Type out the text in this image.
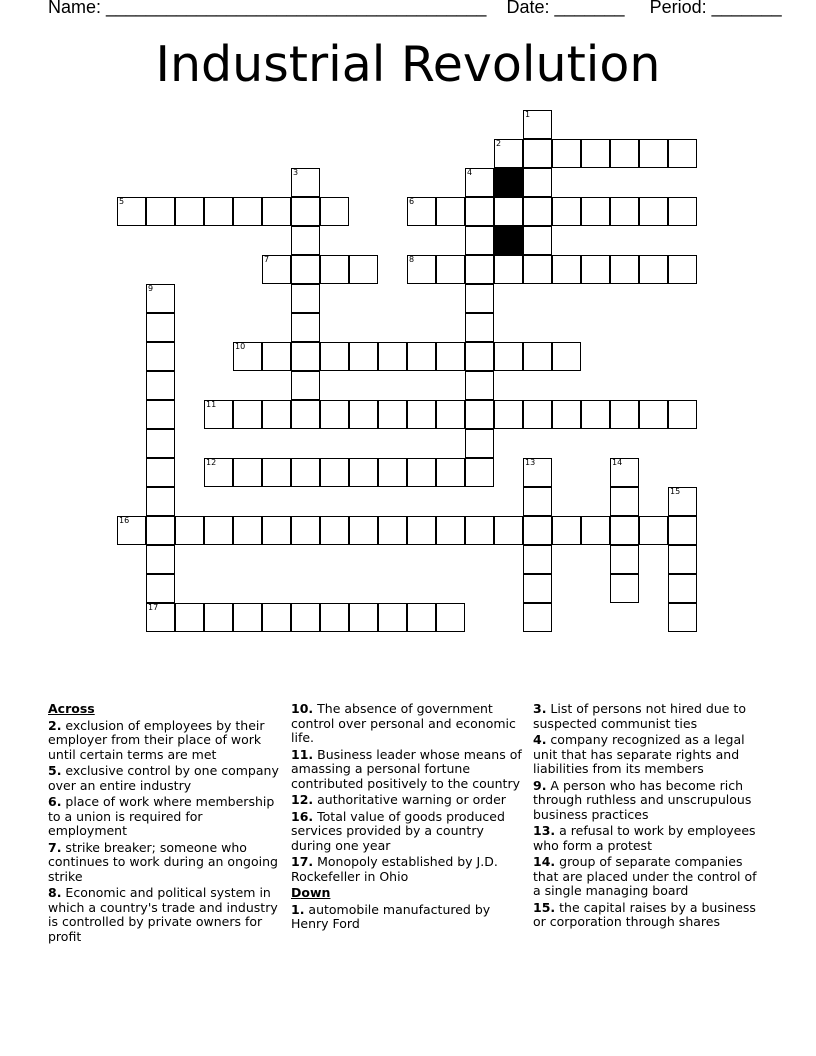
Name: ______________________________________ Date: _______ Period: _______
Industrial Revolution
1
2
3	4
5	6
7	8
9
17
10
11
12	13	14
15
16
Across
2. exclusion of employees by their employer from their place of work until certain terms are met
5. exclusive control by one company over an entire industry
6. place of work where membership to a union is required for employment
7. strike breaker; someone who continues to work during an ongoing strike
8. Economic and political system in which a country's trade and industry is controlled by private owners for profit
10. The absence of government control over personal and economic life.
11. Business leader whose means of amassing a personal fortune contributed positively to the country
12. authoritative warning or order
16. Total value of goods produced services provided by a country during one year
17. Monopoly established by J.D. Rockefeller in Ohio
Down
1. automobile manufactured by Henry Ford
3. List of persons not hired due to suspected communist ties
4. company recognized as a legal unit that has separate rights and liabilities from its members
9. A person who has become rich through ruthless and unscrupulous business practices
13. a refusal to work by employees who form a protest
14. group of separate companies that are placed under the control of a single managing board
15. the capital raises by a business or corporation through shares
